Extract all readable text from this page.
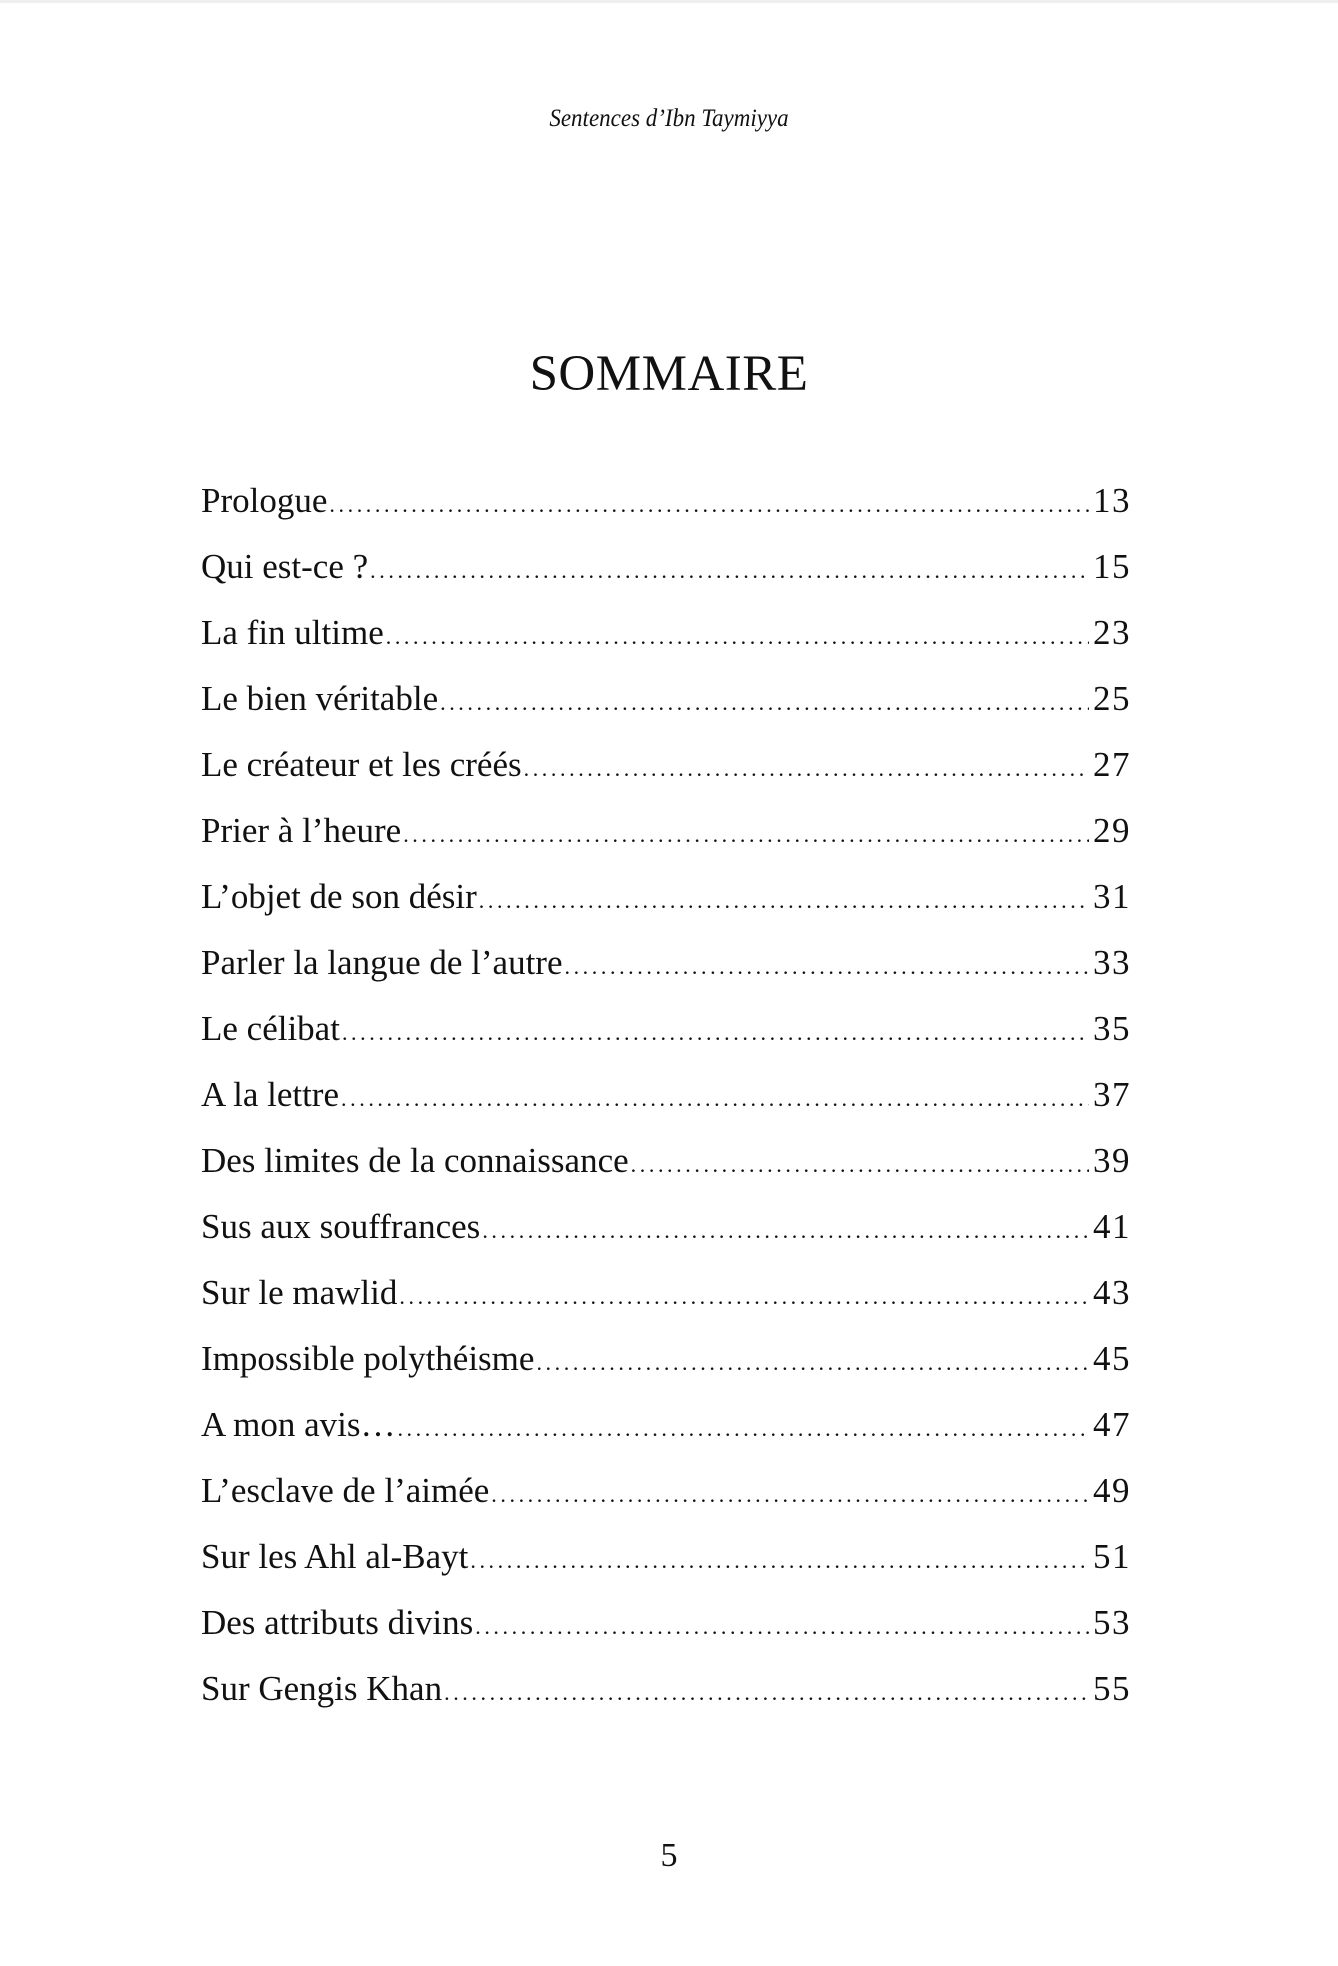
Sentences d’Ibn Taymiyya
SOMMAIRE
Prologue .....	13
Qui est-ce ? .....	15
La fin ultime .....	23
Le bien véritable .....	25
Le créateur et les créés .....	27
Prier à l’heure .....	29
L’objet de son désir .....	31
Parler la langue de l’autre .....	33
Le célibat .....	35
A la lettre .....	37
Des limites de la connaissance .....	39
Sus aux souffrances .....	41
Sur le mawlid .....	43
Impossible polythéisme .....	45
A mon avis… .....	47
L’esclave de l’aimée .....	49
Sur les Ahl al-Bayt .....	51
Des attributs divins .....	53
Sur Gengis Khan .....	55
5
